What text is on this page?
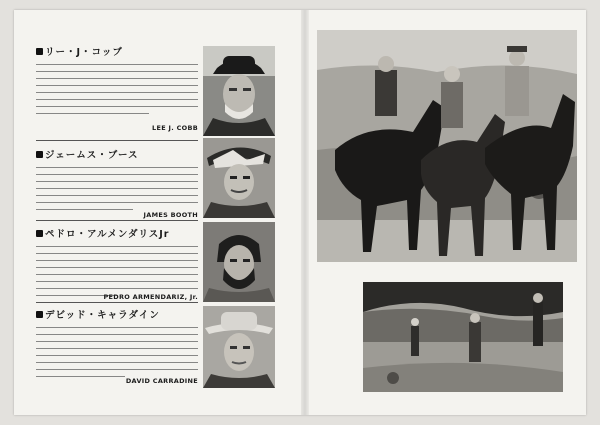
リー・J・コッブ
LEE J. COBB
ジェームス・ブース
JAMES BOOTH
ペドロ・アルメンダリスJr
PEDRO ARMENDARIZ, Jr.
デビッド・キャラダイン
DAVID CARRADINE
